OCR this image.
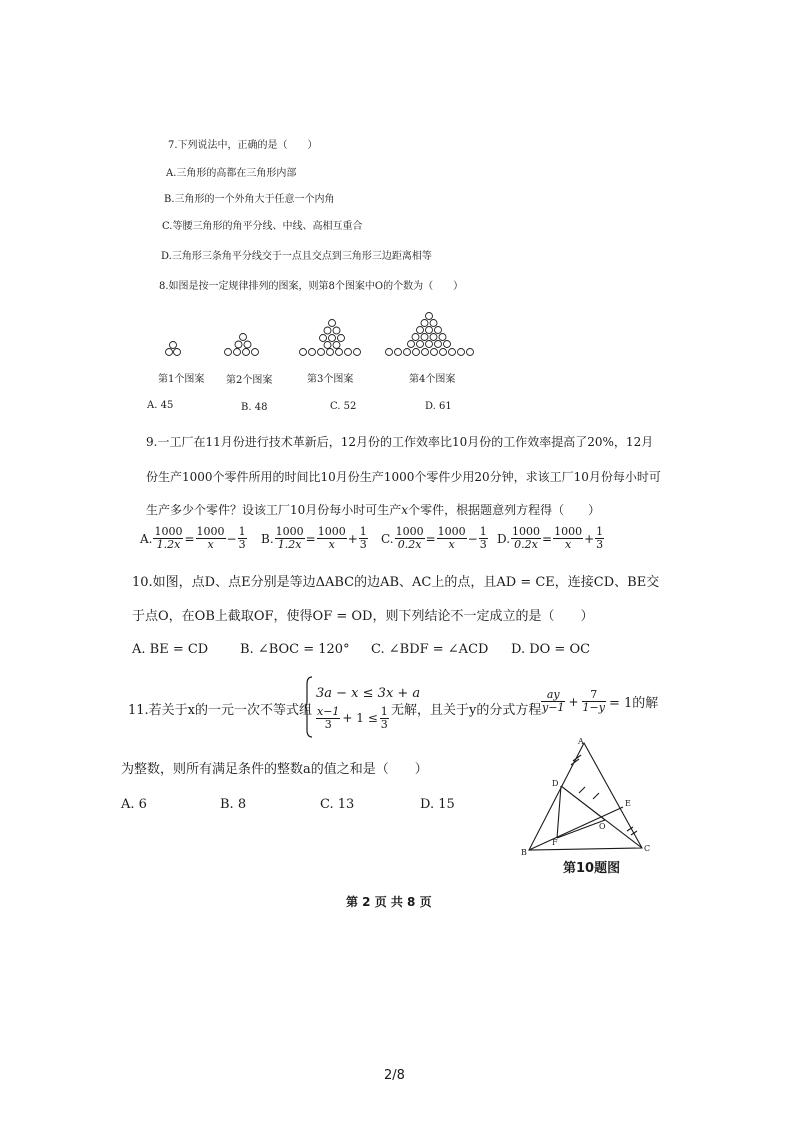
7.下列说法中，正确的是（　　）
A.三角形的高都在三角形内部
B.三角形的一个外角大于任意一个内角
C.等腰三角形的角平分线、中线、高相互重合
D.三角形三条角平分线交于一点且交点到三角形三边距离相等
8.如图是按一定规律排列的图案，则第8个图案中O的个数为（　　）
第1个图案 第2个图案	第3个图案	第4个图案
A. 45	B. 48	C. 52	D. 61
9.一工厂在11月份进行技术革新后，12月份的工作效率比10月份的工作效率提高了20%，12月
份生产1000个零件所用的时间比10月份生产1000个零件少用20分钟，求该工厂10月份每小时可
生产多少个零件？设该工厂10月份每小时可生产x个零件，根据题意列方程得（　　）
A. $\frac{1000}{1.2x} = \frac{1000}{x} - \frac{1}{3} B$. $\frac{1000}{1.2x} = \frac{1000}{x} + \frac{1}{3} C$. $\frac{1000}{0.2x} = \frac{1000}{x} - \frac{1}{3} D$. $\frac{1000}{0.2x} = \frac{1000}{x} + \frac{1}{3}$
10.如图，点D、点E分别是等边ΔABC的边AB、AC上的点，且AD = CE，连接CD、BE交
于点O，在OB上截取OF，使得OF = OD，则下列结论不一定成立的是（　　）
A. BE = CD B. ∠BOC = 120° C. ∠BDF = ∠ACD D. DO = OC
11.若关于x的一元一次不等式组
3a − x ≤ 3x + a
$\frac{x-1}{3} + 1 \le \frac{1}{3}$ 无解，且关于y的分式方程 $\frac{ay}{y-1} + \frac{7}{1-y} = 1$的解
为整数，则所有满足条件的整数a的值之和是（　　）
A. 6	B. 8	C. 13	D. 15
A
B	C
D
E
O
F
第10题图
第 2 页 共 8 页
2/8
